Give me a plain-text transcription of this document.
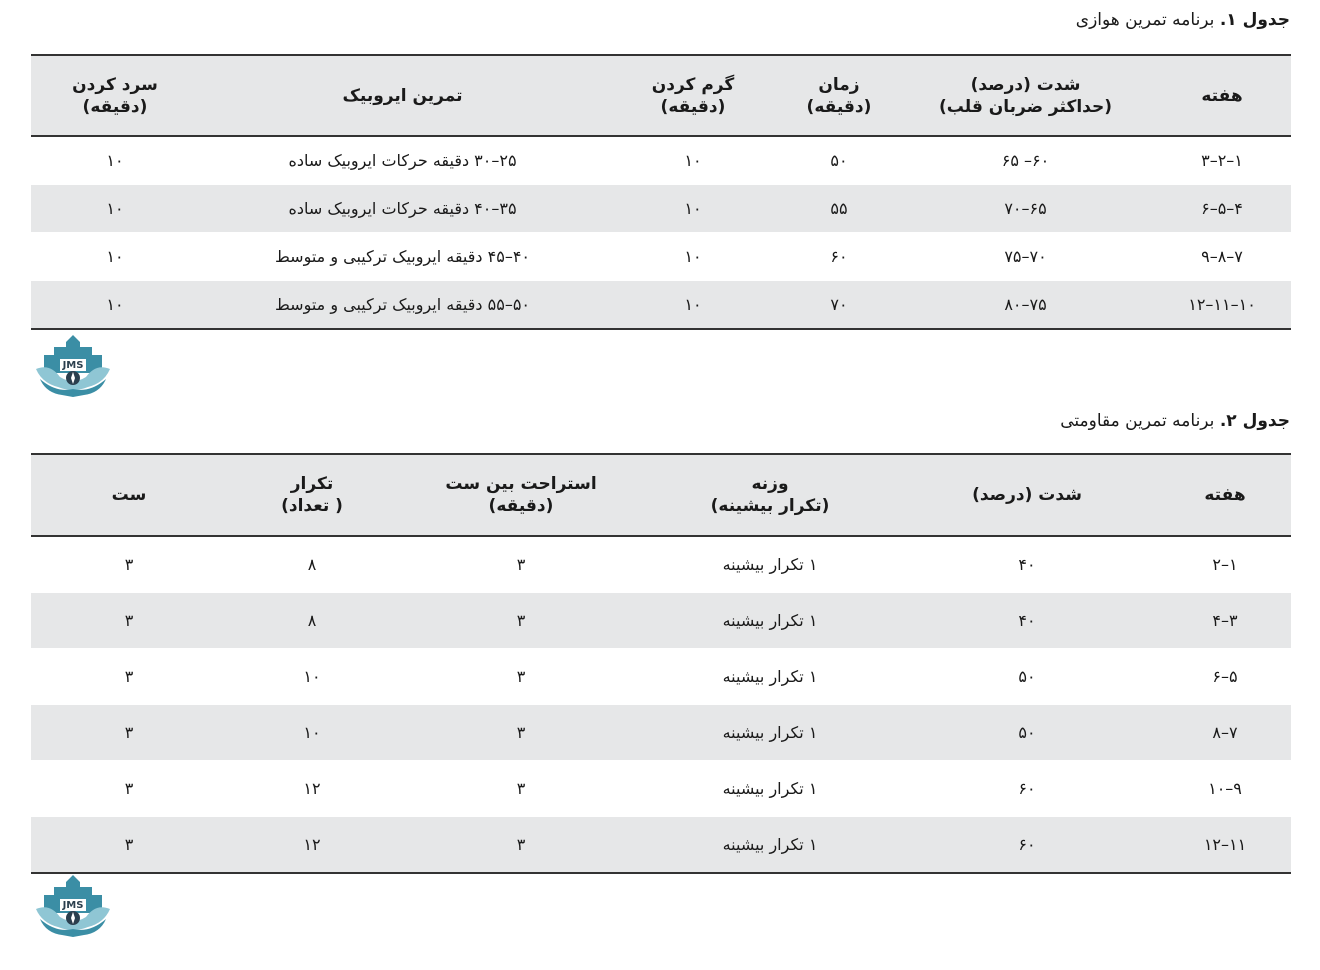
جدول ۱. برنامه تمرین هوازی
هفته
شدت (درصد)
(حداکثر ضربان قلب)
زمان
(دقیقه)
گرم کردن
(دقیقه)
تمرین ایروبیک
سرد کردن
(دقیقه)
۱–۲–۳
۶۰– ۶۵
۵۰
۱۰
۲۵–۳۰ دقیقه حرکات ایروبیک ساده
۱۰
۴–۵–۶
۶۵–۷۰
۵۵
۱۰
۳۵–۴۰ دقیقه حرکات ایروبیک ساده
۱۰
۷–۸–۹
۷۰–۷۵
۶۰
۱۰
۴۰–۴۵ دقیقه ایروبیک ترکیبی و متوسط
۱۰
۱۰–۱۱–۱۲
۷۵–۸۰
۷۰
۱۰
۵۰–۵۵ دقیقه ایروبیک ترکیبی و متوسط
۱۰
JMS
جدول ۲. برنامه تمرین مقاومتی
هفته
شدت (درصد)
وزنه
(تکرار بیشینه)
استراحت بین ست
(دقیقه)
تکرار
( تعداد)
ست
۱–۲
۴۰
۱ تکرار بیشینه
۳
۸
۳
۳–۴
۴۰
۱ تکرار بیشینه
۳
۸
۳
۵–۶
۵۰
۱ تکرار بیشینه
۳
۱۰
۳
۷–۸
۵۰
۱ تکرار بیشینه
۳
۱۰
۳
۹–۱۰
۶۰
۱ تکرار بیشینه
۳
۱۲
۳
۱۱–۱۲
۶۰
۱ تکرار بیشینه
۳
۱۲
۳
JMS
